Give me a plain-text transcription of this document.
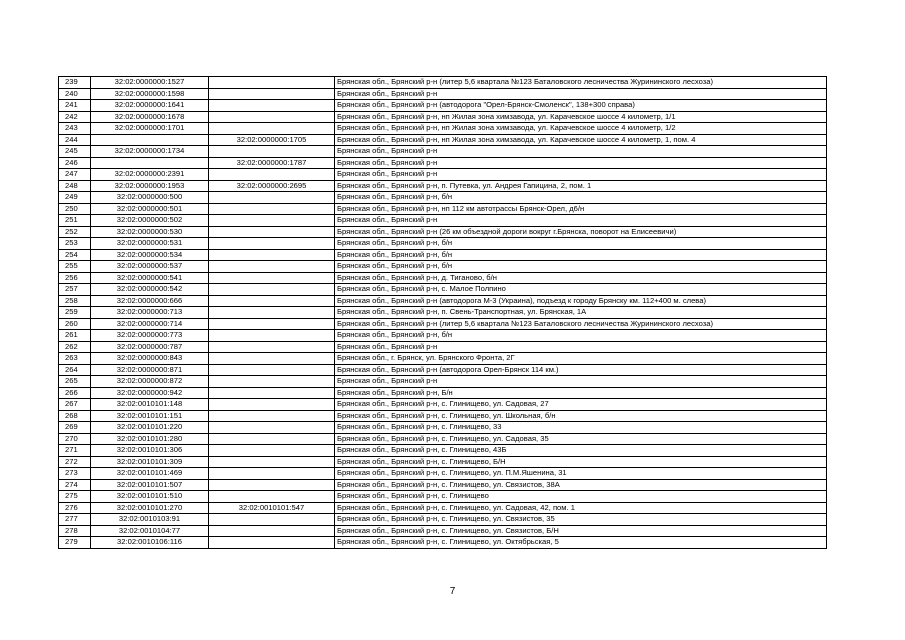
239	32:02:0000000:1527		Брянская обл., Брянский р-н (литер 5,6 квартала №123 Баталовского лесничества Журининского лесхоза)
240	32:02:0000000:1598		Брянская обл., Брянский р-н
241	32:02:0000000:1641		Брянская обл., Брянский р-н (автодорога "Орел-Брянск-Смоленск", 138+300 справа)
242	32:02:0000000:1678		Брянская обл., Брянский р-н, нп Жилая зона химзавода, ул. Карачевское шоссе 4 километр, 1/1
243	32:02:0000000:1701		Брянская обл., Брянский р-н, нп Жилая зона химзавода, ул. Карачевское шоссе 4 километр, 1/2
244		32:02:0000000:1705	Брянская обл., Брянский р-н, нп Жилая зона химзавода, ул. Карачевское шоссе 4 километр, 1, пом. 4
245	32:02:0000000:1734		Брянская обл., Брянский р-н
246		32:02:0000000:1787	Брянская обл., Брянский р-н
247	32:02:0000000:2391		Брянская обл., Брянский р-н
248	32:02:0000000:1953	32:02:0000000:2695	Брянская обл., Брянский р-н, п. Путевка, ул. Андрея Гапицина, 2, пом. 1
249	32:02:0000000:500		Брянская обл., Брянский р-н, б/н
250	32:02:0000000:501		Брянская обл., Брянский р-н, нп 112 км автотрассы Брянск-Орел, д6/н
251	32:02:0000000:502		Брянская обл., Брянский р-н
252	32:02:0000000:530		Брянская обл., Брянский р-н (26 км объездной дороги вокруг г.Брянска, поворот на Елисеевичи)
253	32:02:0000000:531		Брянская обл., Брянский р-н, б/н
254	32:02:0000000:534		Брянская обл., Брянский р-н, б/н
255	32:02:0000000:537		Брянская обл., Брянский р-н, б/н
256	32:02:0000000:541		Брянская обл., Брянский р-н, д. Тиганово, б/н
257	32:02:0000000:542		Брянская обл., Брянский р-н, с. Малое Полпино
258	32:02:0000000:666		Брянская обл., Брянский р-н (автодорога М-3 (Украина), подъезд к городу Брянску км. 112+400 м. слева)
259	32:02:0000000:713		Брянская обл., Брянский р-н, п. Свень-Транспортная, ул. Брянская, 1А
260	32:02:0000000:714		Брянская обл., Брянский р-н (литер 5,6 квартала №123 Баталовского лесничества Журининского лесхоза)
261	32:02:0000000:773		Брянская обл., Брянский р-н, б/н
262	32:02:0000000:787		Брянская обл., Брянский р-н
263	32:02:0000000:843		Брянская обл., г. Брянск, ул. Брянского Фронта, 2Г
264	32:02:0000000:871		Брянская обл., Брянский р-н (автодорога Орел-Брянск 114 км.)
265	32:02:0000000:872		Брянская обл., Брянский р-н
266	32:02:0000000:942		Брянская обл., Брянский р-н, Б/н
267	32:02:0010101:148		Брянская обл., Брянский р-н, с. Глинищево, ул. Садовая, 27
268	32:02:0010101:151		Брянская обл., Брянский р-н, с. Глинищево, ул. Школьная, б/н
269	32:02:0010101:220		Брянская обл., Брянский р-н, с. Глинищево, 33
270	32:02:0010101:280		Брянская обл., Брянский р-н, с. Глинищево, ул. Садовая, 35
271	32:02:0010101:306		Брянская обл., Брянский р-н, с. Глинищево, 43Б
272	32:02:0010101:309		Брянская обл., Брянский р-н, с. Глинищево, Б/Н
273	32:02:0010101:469		Брянская обл., Брянский р-н, с. Глинищево, ул. П.М.Яшенина, 31
274	32:02:0010101:507		Брянская обл., Брянский р-н, с. Глинищево, ул. Связистов, 38А
275	32:02:0010101:510		Брянская обл., Брянский р-н, с. Глинищево
276	32:02:0010101:270	32:02:0010101:547	Брянская обл., Брянский р-н, с. Глинищево, ул. Садовая, 42, пом. 1
277	32:02:0010103:91		Брянская обл., Брянский р-н, с. Глинищево, ул. Связистов, 35
278	32:02:0010104:77		Брянская обл., Брянский р-н, с. Глинищево, ул. Связистов, Б/Н
279	32:02:0010106:116		Брянская обл., Брянский р-н, с. Глинищево, ул. Октябрьская, 5
7
